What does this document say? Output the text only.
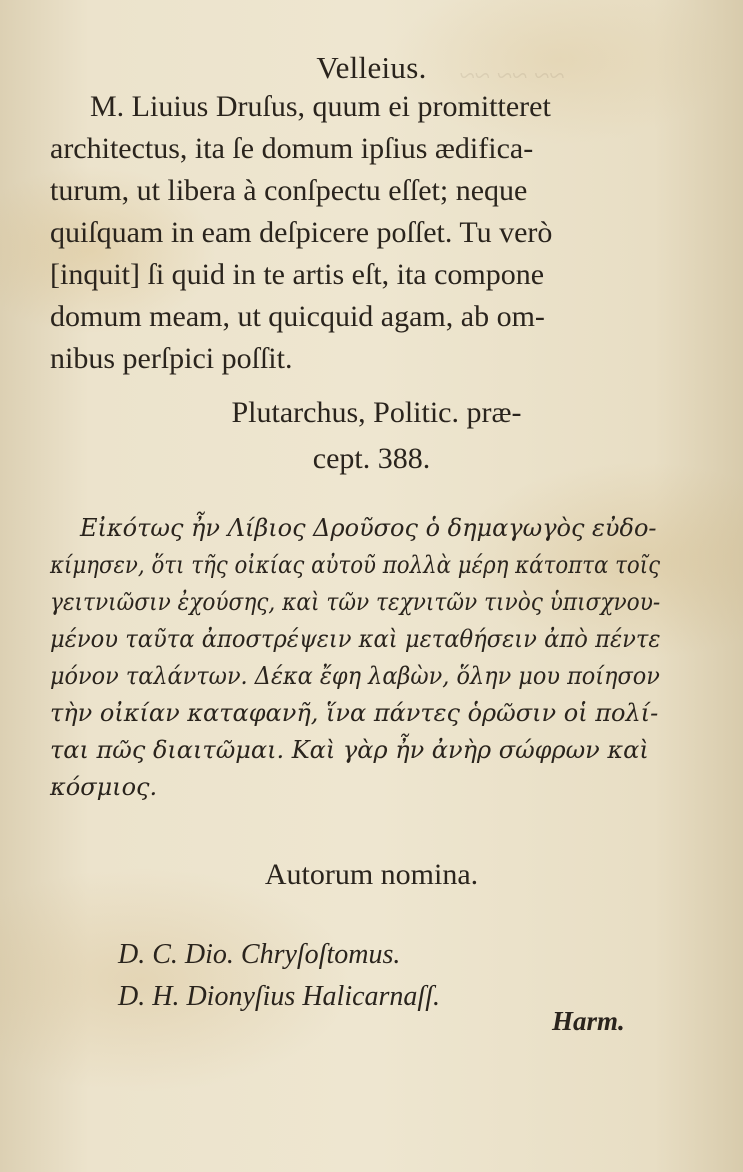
~~ ~~ ~~
Velleius.
M. Liuius Druſus, quum ei promitteret
architectus, ita ſe domum ipſius ædifica-
turum, ut libera à conſpectu eſſet; neque
quiſquam in eam deſpicere poſſet. Tu verò
[inquit] ſi quid in te artis eſt, ita compone
domum meam, ut quicquid agam, ab om-
nibus perſpici poſſit.
Plutarchus, Politic. præ-
cept. 388.
Εἰκότως ἦν Λίβιος Δροῦσος ὁ δημαγωγὸς εὐδο-
κίμησεν, ὅτι τῆς οἰκίας αὐτοῦ πολλὰ μέρη κάτοπτα τοῖς
γειτνιῶσιν ἐχούσης, καὶ τῶν τεχνιτῶν τινὸς ὑπισχνου-
μένου ταῦτα ἀποστρέψειν καὶ μεταθήσειν ἀπὸ πέντε
μόνον ταλάντων. Δέκα ἔφη λαβὼν, ὅλην μου ποίησον
τὴν οἰκίαν καταφανῆ, ἵνα πάντες ὁρῶσιν οἱ πολί-
ται πῶς διαιτῶμαι. Καὶ γὰρ ἦν ἀνὴρ σώφρων καὶ
κόσμιος.
Autorum nomina.
D. C. Dio. Chryſoſtomus.
D. H. Dionyſius Halicarnaſſ.
Harm.
